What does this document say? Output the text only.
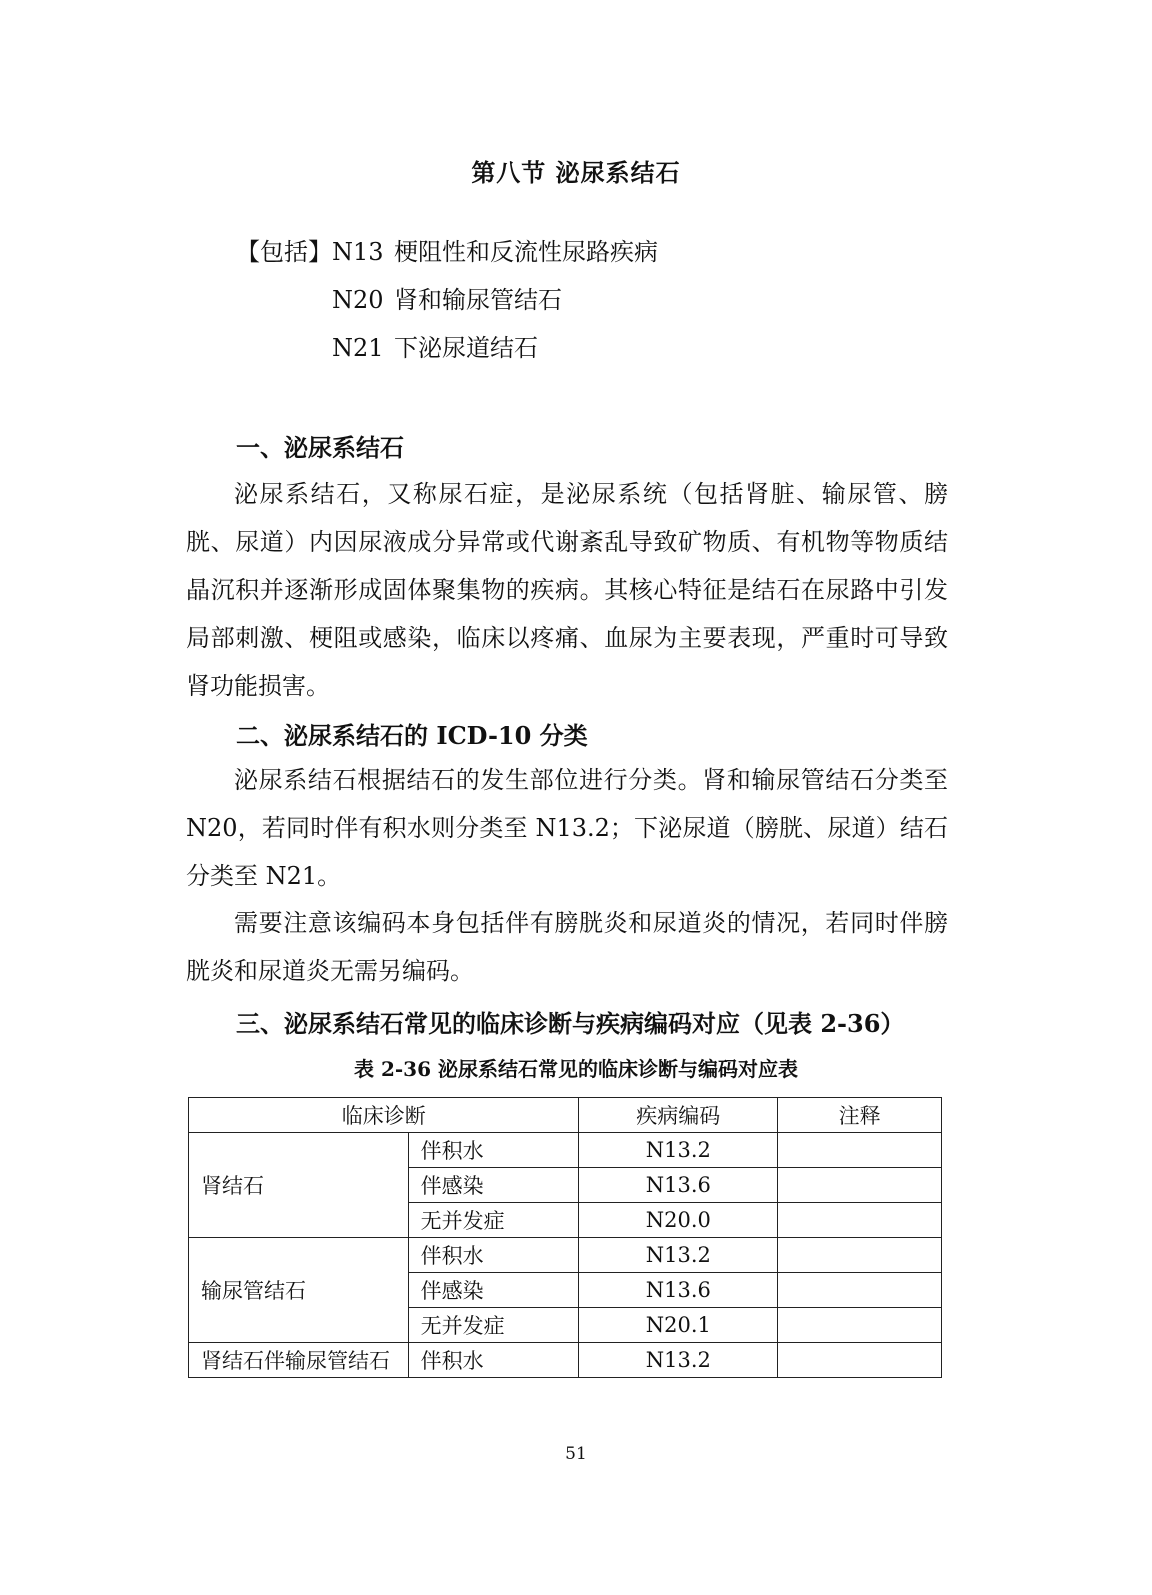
第八节 泌尿系结石
【包括】N13 梗阻性和反流性尿路疾病
N20 肾和输尿管结石
N21 下泌尿道结石
一、泌尿系结石

泌尿系结石，又称尿石症，是泌尿系统（包括肾脏、输尿管、膀胱、尿道）内因尿液成分异常或代谢紊乱导致矿物质、有机物等物质结晶沉积并逐渐形成固体聚集物的疾病。其核心特征是结石在尿路中引发局部刺激、梗阻或感染，临床以疼痛、血尿为主要表现，严重时可导致肾功能损害。

二、泌尿系结石的 ICD-10 分类

泌尿系结石根据结石的发生部位进行分类。肾和输尿管结石分类至 N20，若同时伴有积水则分类至 N13.2；下泌尿道（膀胱、尿道）结石分类至 N21。

需要注意该编码本身包括伴有膀胱炎和尿道炎的情况，若同时伴膀胱炎和尿道炎无需另编码。

三、泌尿系结石常见的临床诊断与疾病编码对应（见表 2-36）

表 2-36 泌尿系结石常见的临床诊断与编码对应表

临床诊断		疾病编码	注释
肾结石	伴积水	N13.2	
	伴感染	N13.6	
	无并发症	N20.0	
输尿管结石	伴积水	N13.2	
	伴感染	N13.6	
	无并发症	N20.1	
肾结石伴输尿管结石	伴积水	N13.2	

51
